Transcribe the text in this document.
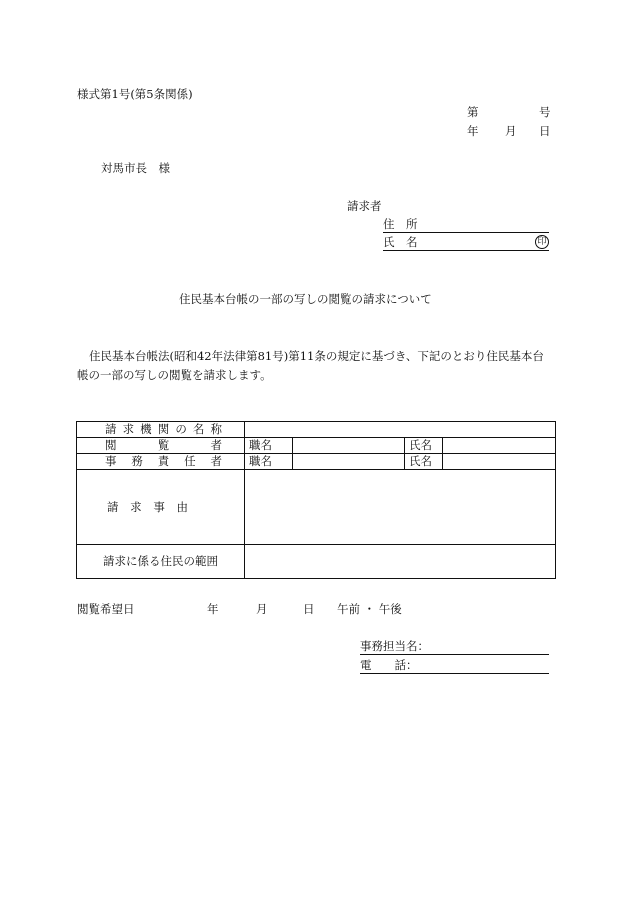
様式第1号(第5条関係)
第	号
年 月 日
対馬市長　様
請求者
住　所
氏　名	印
住民基本台帳の一部の写しの閲覧の請求について
住民基本台帳法(昭和42年法律第81号)第11条の規定に基づき、下記のとおり住民基本台
帳の一部の写しの閲覧を請求します。
請求機関の名称				
閲覧者	職名		氏名	
事務責任者	職名		氏名	
請求事由				
請求に係る住民の範囲				
閲覧希望日	年	月	日 午前 ・ 午後
事務担当名：
電　　話：
